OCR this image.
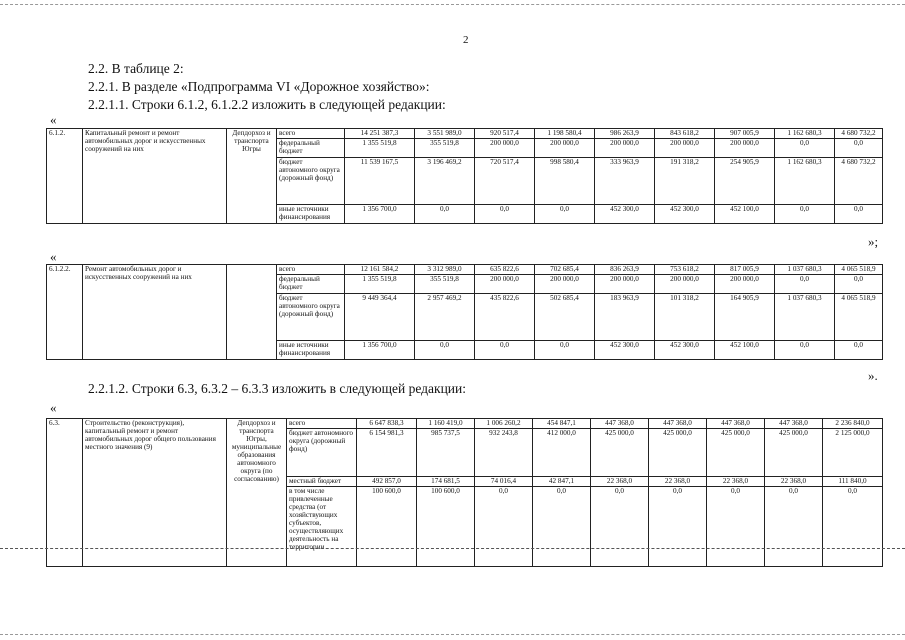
2
2.2. В таблице 2:
2.2.1. В разделе «Подпрограмма VI «Дорожное хозяйство»:
2.2.1.1. Строки 6.1.2, 6.1.2.2 изложить в следующей редакции:
«
6.1.2.	Капитальный ремонт и ремонт автомобильных дорог и искусственных сооружений на них	Депдорхоз и транспорта Югры	всего	14 251 387,3	3 551 989,0	920 517,4	1 198 580,4	986 263,9	843 618,2	907 005,9	1 162 680,3	4 680 732,2
			федеральный бюджет	1 355 519,8	355 519,8	200 000,0	200 000,0	200 000,0	200 000,0	200 000,0	0,0	0,0
			бюджет автономного округа (дорожный фонд)	11 539 167,5	3 196 469,2	720 517,4	998 580,4	333 963,9	191 318,2	254 905,9	1 162 680,3	4 680 732,2
			иные источники финансирования	1 356 700,0	0,0	0,0	0,0	452 300,0	452 300,0	452 100,0	0,0	0,0
»;
«
6.1.2.2.	Ремонт автомобильных дорог и искусственных сооружений на них		всего	12 161 584,2	3 312 989,0	635 822,6	702 685,4	836 263,9	753 618,2	817 005,9	1 037 680,3	4 065 518,9
			федеральный бюджет	1 355 519,8	355 519,8	200 000,0	200 000,0	200 000,0	200 000,0	200 000,0	0,0	0,0
			бюджет автономного округа (дорожный фонд)	9 449 364,4	2 957 469,2	435 822,6	502 685,4	183 963,9	101 318,2	164 905,9	1 037 680,3	4 065 518,9
			иные источники финансирования	1 356 700,0	0,0	0,0	0,0	452 300,0	452 300,0	452 100,0	0,0	0,0
».
2.2.1.2. Строки 6.3, 6.3.2 – 6.3.3 изложить в следующей редакции:
«
6.3.	Строительство (реконструкция), капитальный ремонт и ремонт автомобильных дорог общего пользования местного значения (9)	Депдорхоз и транспорта Югры, муниципальные образования автономного округа (по согласованию)	всего	6 647 838,3	1 160 419,0	1 006 260,2	454 847,1	447 368,0	447 368,0	447 368,0	447 368,0	2 236 840,0
			бюджет автономного округа (дорожный фонд)	6 154 981,3	985 737,5	932 243,8	412 000,0	425 000,0	425 000,0	425 000,0	425 000,0	2 125 000,0
			местный бюджет	492 857,0	174 681,5	74 016,4	42 847,1	22 368,0	22 368,0	22 368,0	22 368,0	111 840,0
			в том числе привлеченные средства (от хозяйствующих субъектов, осуществляющих деятельность на территории	100 600,0	100 600,0	0,0	0,0	0,0	0,0	0,0	0,0	0,0
